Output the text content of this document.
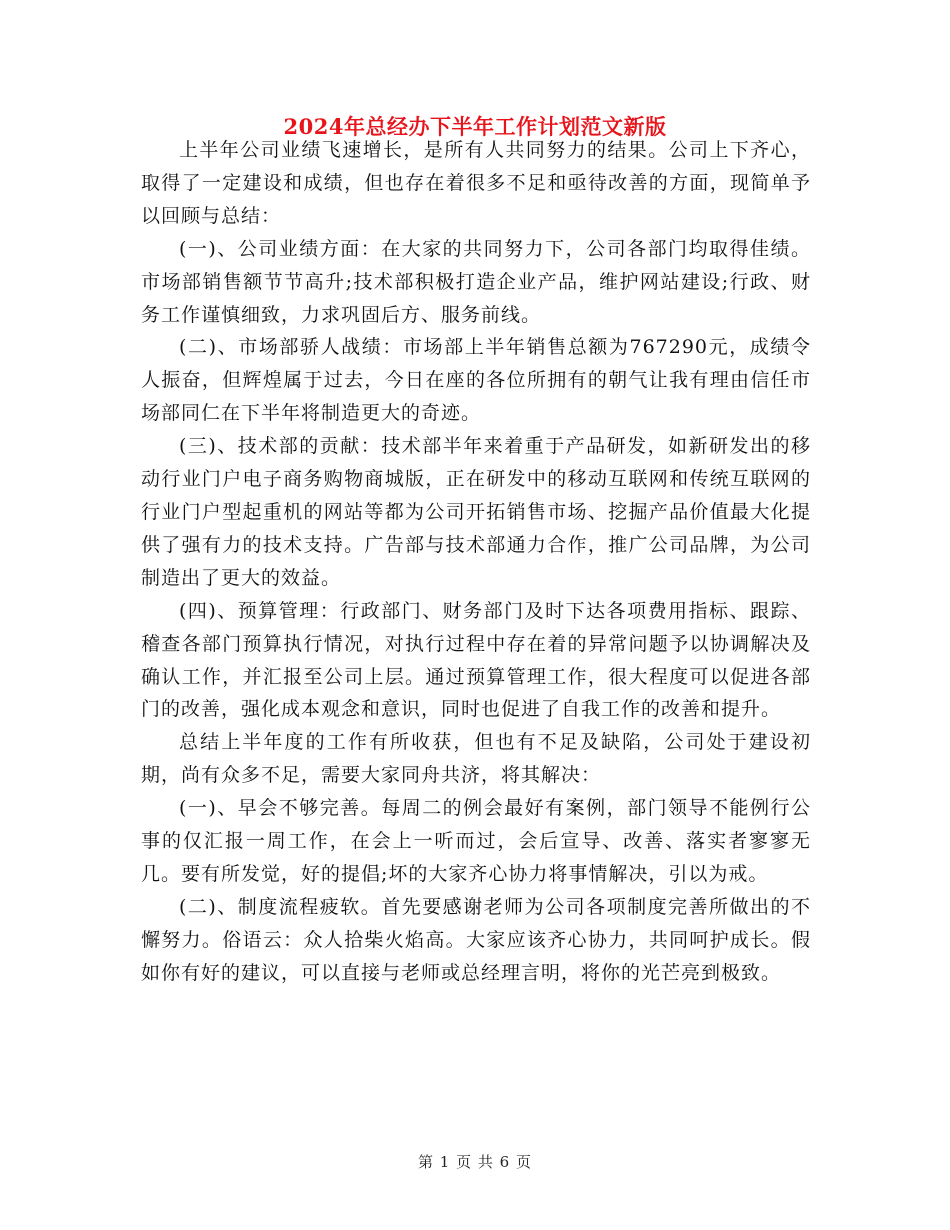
2024年总经办下半年工作计划范文新版

上半年公司业绩飞速增长，是所有人共同努力的结果。公司上下齐心，取得了一定建设和成绩，但也存在着很多不足和亟待改善的方面，现简单予以回顾与总结：

(一)、公司业绩方面：在大家的共同努力下，公司各部门均取得佳绩。市场部销售额节节高升;技术部积极打造企业产品，维护网站建设;行政、财务工作谨慎细致，力求巩固后方、服务前线。

(二)、市场部骄人战绩：市场部上半年销售总额为767290元，成绩令人振奋，但辉煌属于过去，今日在座的各位所拥有的朝气让我有理由信任市场部同仁在下半年将制造更大的奇迹。

(三)、技术部的贡献：技术部半年来着重于产品研发，如新研发出的移动行业门户电子商务购物商城版，正在研发中的移动互联网和传统互联网的行业门户型起重机的网站等都为公司开拓销售市场、挖掘产品价值最大化提供了强有力的技术支持。广告部与技术部通力合作，推广公司品牌，为公司制造出了更大的效益。

(四)、预算管理：行政部门、财务部门及时下达各项费用指标、跟踪、稽查各部门预算执行情况，对执行过程中存在着的异常问题予以协调解决及确认工作，并汇报至公司上层。通过预算管理工作，很大程度可以促进各部门的改善，强化成本观念和意识，同时也促进了自我工作的改善和提升。

总结上半年度的工作有所收获，但也有不足及缺陷，公司处于建设初期，尚有众多不足，需要大家同舟共济，将其解决：

(一)、早会不够完善。每周二的例会最好有案例，部门领导不能例行公事的仅汇报一周工作，在会上一听而过，会后宣导、改善、落实者寥寥无几。要有所发觉，好的提倡;坏的大家齐心协力将事情解决，引以为戒。

(二)、制度流程疲软。首先要感谢老师为公司各项制度完善所做出的不懈努力。俗语云：众人拾柴火焰高。大家应该齐心协力，共同呵护成长。假如你有好的建议，可以直接与老师或总经理言明，将你的光芒亮到极致。

第 1 页 共 6 页
